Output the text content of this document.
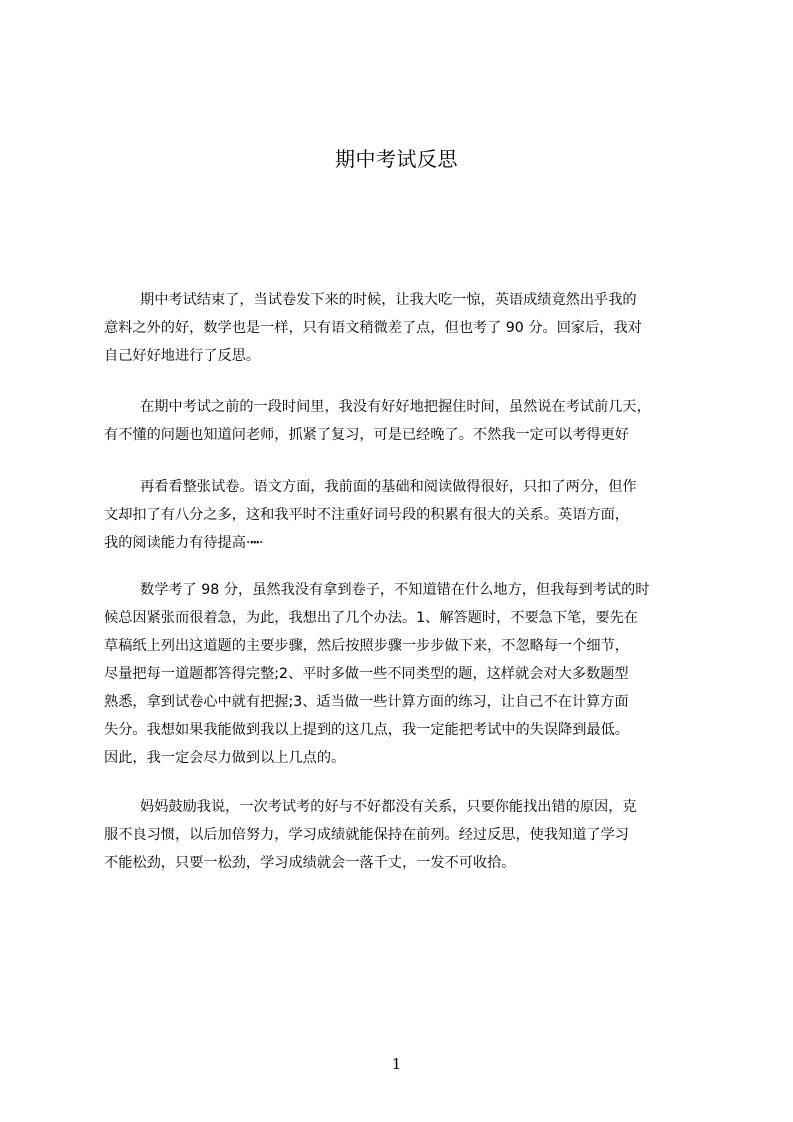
期中考试反思
期中考试结束了，当试卷发下来的时候，让我大吃一惊，英语成绩竟然出乎我的
意料之外的好，数学也是一样，只有语文稍微差了点，但也考了 90 分。回家后，我对
自己好好地进行了反思。
在期中考试之前的一段时间里，我没有好好地把握住时间，虽然说在考试前几天，
有不懂的问题也知道问老师，抓紧了复习，可是已经晚了。不然我一定可以考得更好
再看看整张试卷。语文方面，我前面的基础和阅读做得很好，只扣了两分，但作
文却扣了有八分之多，这和我平时不注重好词号段的积累有很大的关系。英语方面，
我的阅读能力有待提高·┅·
数学考了 98 分，虽然我没有拿到卷子，不知道错在什么地方，但我每到考试的时
候总因紧张而很着急，为此，我想出了几个办法。1、解答题时，不要急下笔，要先在
草稿纸上列出这道题的主要步骤，然后按照步骤一步步做下来，不忽略每一个细节，
尽量把每一道题都答得完整;2、平时多做一些不同类型的题，这样就会对大多数题型
熟悉，拿到试卷心中就有把握;3、适当做一些计算方面的练习，让自己不在计算方面
失分。我想如果我能做到我以上提到的这几点，我一定能把考试中的失误降到最低。
因此，我一定会尽力做到以上几点的。
妈妈鼓励我说，一次考试考的好与不好都没有关系，只要你能找出错的原因，克
服不良习惯，以后加倍努力，学习成绩就能保持在前列。经过反思，使我知道了学习
不能松劲，只要一松劲，学习成绩就会一落千丈，一发不可收拾。
1
